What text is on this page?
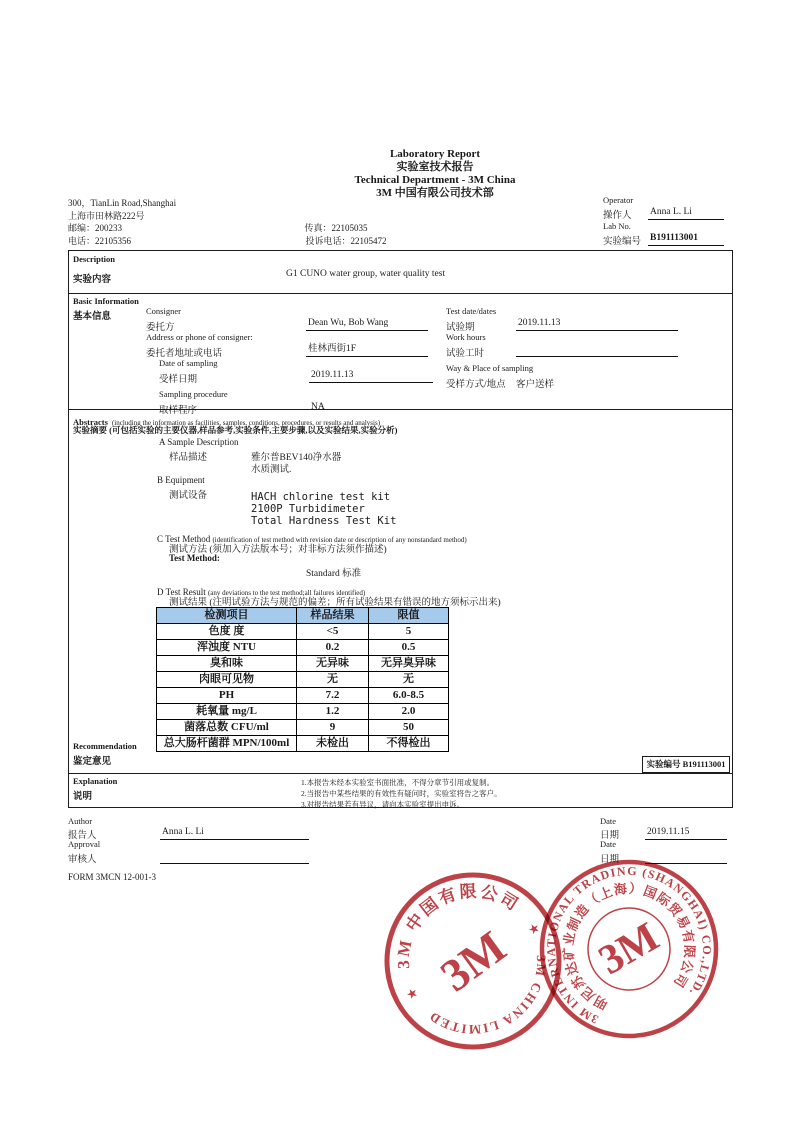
Laboratory Report
实验室技术报告
Technical Department - 3M China
3M 中国有限公司技术部
300，TianLin Road,Shanghai
上海市田林路222号
邮编：200233	传真：22105035
电话：22105356	投诉电话：22105472
Operator
操作人 Anna L. Li
Lab No.
实验编号 B191113001
Description
实验内容
G1 CUNO water group, water quality test
Basic Information
基本信息
Consigner
委托方	Dean Wu, Bob Wang
Address or phone of consigner:
委托者地址或电话	桂林西街1F
Date of sampling
受样日期	2019.11.13
Sampling procedure
取样程序	NA
Test date/dates
试验期	2019.11.13
Work hours
试验工时
Way & Place of sampling
受样方式/地点 客户送样
Abstracts (including the information as facilities, samples, conditions, procedures, or results and analysis)
实验摘要 (可包括实验的主要仪器,样品参考,实验条件,主要步骤,以及实验结果,实验分析)
A Sample Description
样品描述	雅尔普BEV140净水器
水质测试.
B Equipment
测试设备	HACH chlorine test kit
2100P Turbidimeter
Total Hardness Test Kit
C Test Method (identification of test method with revision date or description of any nonstandard method)
测试方法 (须加入方法版本号；对非标方法须作描述)
Test Method:
Standard 标准
D Test Result (any deviations to the test method;all failures identified)
测试结果 (注明试验方法与规范的偏差；所有试验结果有错误的地方须标示出来)
检测项目	样品结果	限值
色度 度	<5	5
浑浊度 NTU	0.2	0.5
臭和味	无异味	无异臭异味
肉眼可见物	无	无
PH	7.2	6.0-8.5
耗氧量 mg/L	1.2	2.0
菌落总数 CFU/ml	9	50
总大肠杆菌群 MPN/100ml	未检出	不得检出
Recommendation
鉴定意见	实验编号 B191113001
Explanation
说明
1.本报告未经本实验室书面批准，不得分章节引用或复制。
2.当报告中某些结果的有效性有疑问时，实验室将告之客户。
3.对报告结果若有异议，请向本实验室提出申诉。
Author
报告人	Anna L. Li
Approval
审核人
Date
日期	2019.11.15
Date
日期
FORM 3MCN 12-001-3
3M 中国有限公司
3M CHINA LIMITED
★
★
3M
3M INTERNATIONAL TRADING (SHANGHAI) CO.,LTD.
明尼苏达矿业制造（上海）国际贸易有限公司
3M
